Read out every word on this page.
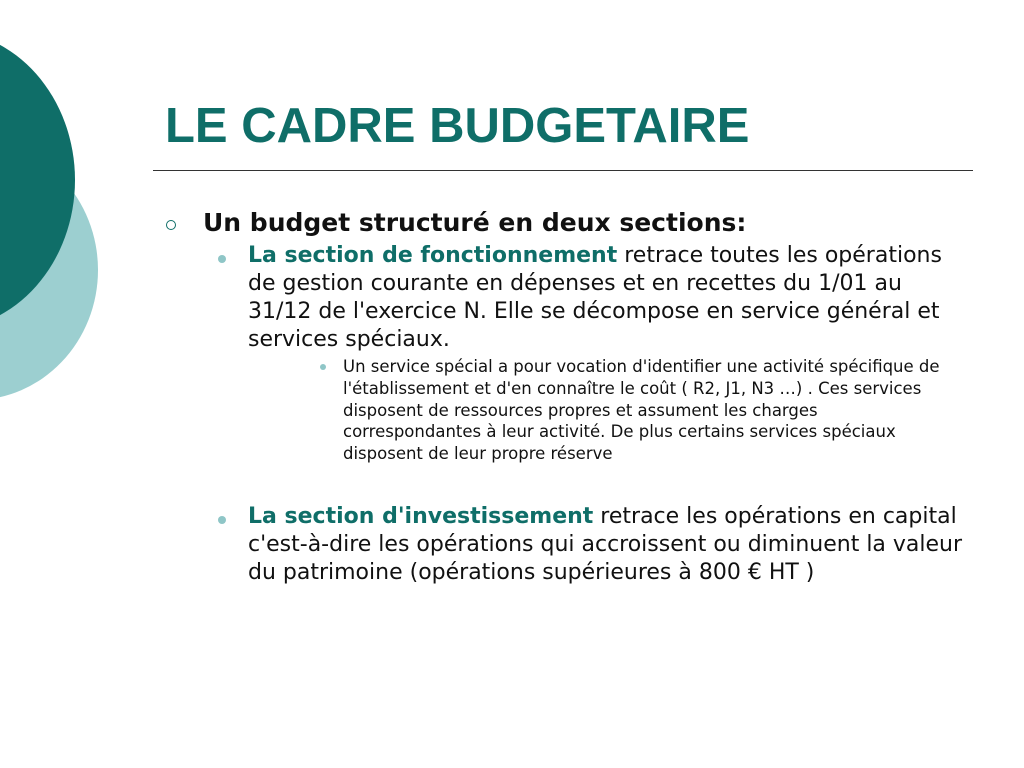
LE CADRE BUDGETAIRE
Un budget structuré en deux sections:
La section de fonctionnement retrace toutes les opérations de gestion courante en dépenses et en recettes du 1/01 au 31/12 de l'exercice N. Elle se décompose en service général et services spéciaux.
Un service spécial a pour vocation d'identifier une activité spécifique de l'établissement et d'en connaître le coût ( R2, J1, N3 …) . Ces services disposent de ressources propres et assument les charges correspondantes à leur activité. De plus certains services spéciaux disposent de leur propre réserve
La section d'investissement retrace les opérations en capital c'est-à-dire les opérations qui accroissent ou diminuent la valeur du patrimoine (opérations supérieures à 800 € HT )
